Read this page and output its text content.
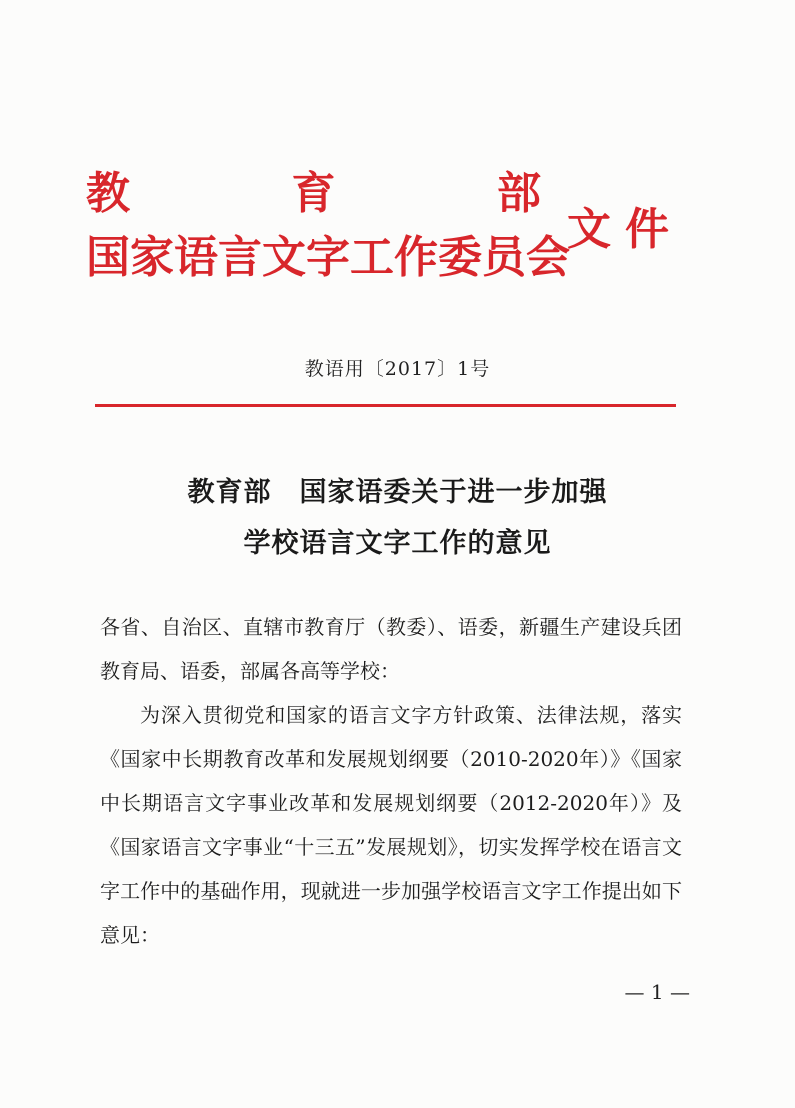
教	育	部
国家语言文字工作委员会
文件
教语用〔2017〕1号
教育部　国家语委关于进一步加强
学校语言文字工作的意见
各省、自治区、直辖市教育厅（教委）、语委，新疆生产建设兵团教育局、语委，部属各高等学校：
为深入贯彻党和国家的语言文字方针政策、法律法规，落实《国家中长期教育改革和发展规划纲要（2010-2020年）》《国家中长期语言文字事业改革和发展规划纲要（2012-2020年）》及《国家语言文字事业“十三五”发展规划》，切实发挥学校在语言文字工作中的基础作用，现就进一步加强学校语言文字工作提出如下意见：
— 1 —
